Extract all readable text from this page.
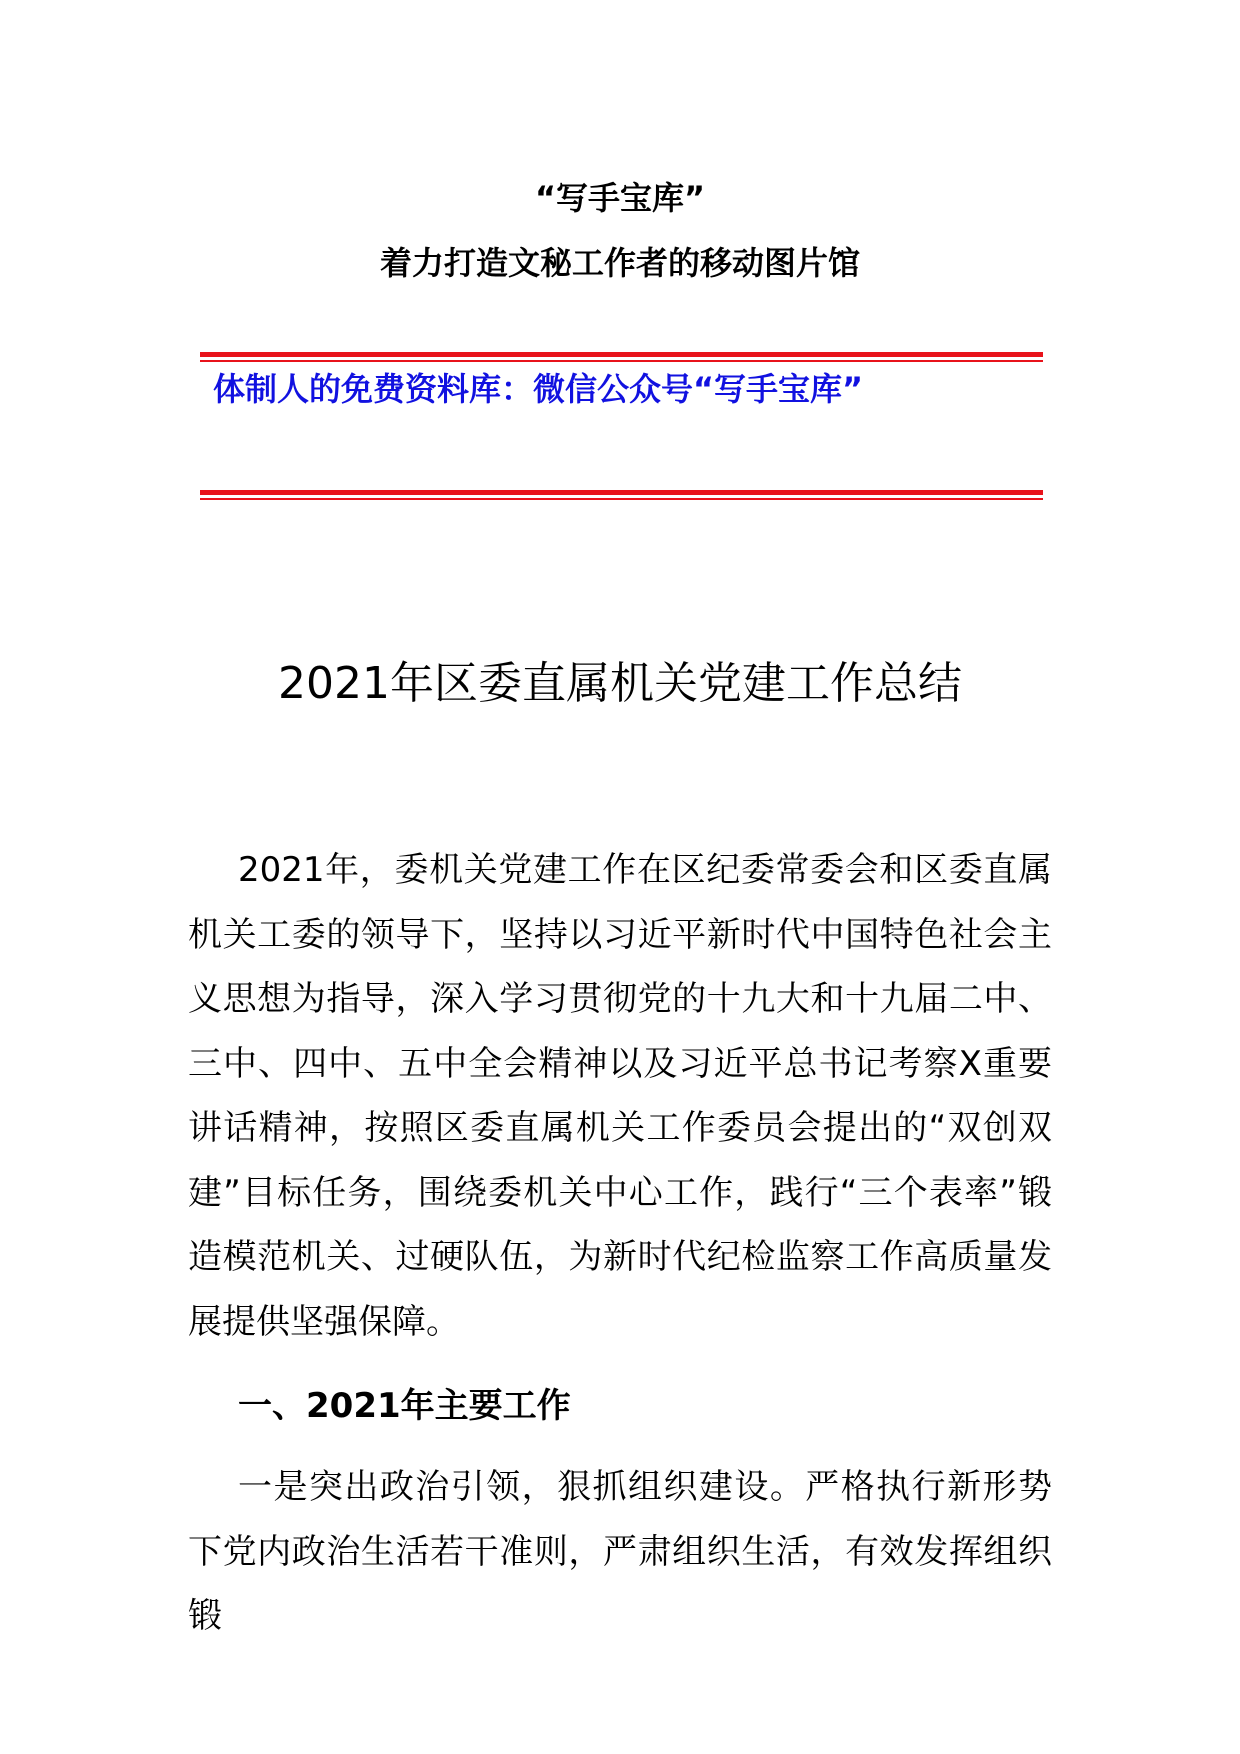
“写手宝库”
着力打造文秘工作者的移动图片馆
体制人的免费资料库：微信公众号“写手宝库”
2021年区委直属机关党建工作总结
2021年，委机关党建工作在区纪委常委会和区委直属机关工委的领导下，坚持以习近平新时代中国特色社会主义思想为指导，深入学习贯彻党的十九大和十九届二中、三中、四中、五中全会精神以及习近平总书记考察X重要讲话精神，按照区委直属机关工作委员会提出的“双创双建”目标任务，围绕委机关中心工作，践行“三个表率”锻造模范机关、过硬队伍，为新时代纪检监察工作高质量发展提供坚强保障。
一、2021年主要工作
一是突出政治引领，狠抓组织建设。严格执行新形势下党内政治生活若干准则，严肃组织生活，有效发挥组织锻
